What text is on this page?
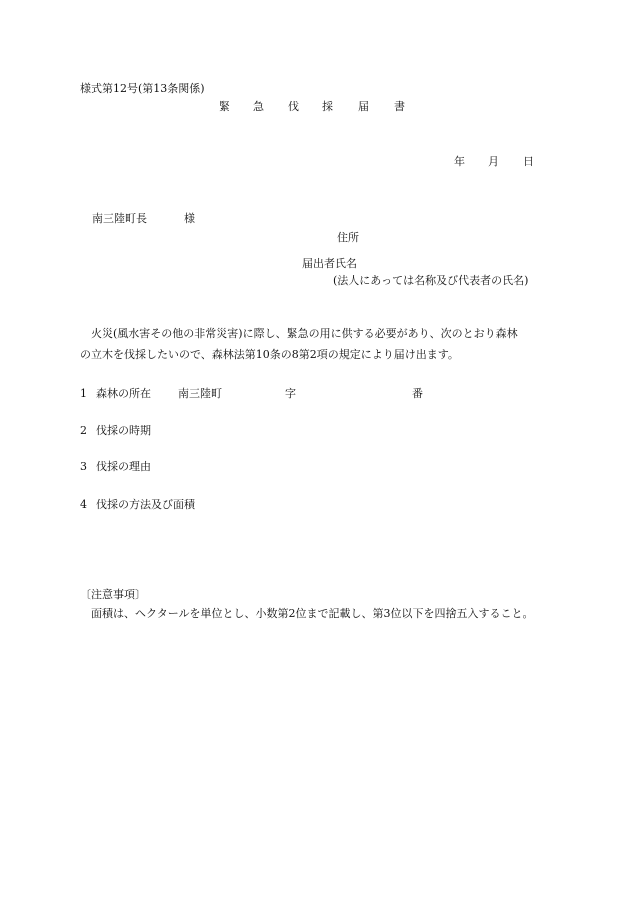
様式第12号(第13条関係)
緊 急 伐 採 届 書
年 月 日
南三陸町長	様
住所
届出者氏名
(法人にあっては名称及び代表者の氏名)
火災(風水害その他の非常災害)に際し、緊急の用に供する必要があり、次のとおり森林
の立木を伐採したいので、森林法第10条の8第2項の規定により届け出ます。
1 森林の所在 南三陸町	字	番
2 伐採の時期
3 伐採の理由
4 伐採の方法及び面積
〔注意事項〕
面積は、ヘクタールを単位とし、小数第2位まで記載し、第3位以下を四捨五入すること。
